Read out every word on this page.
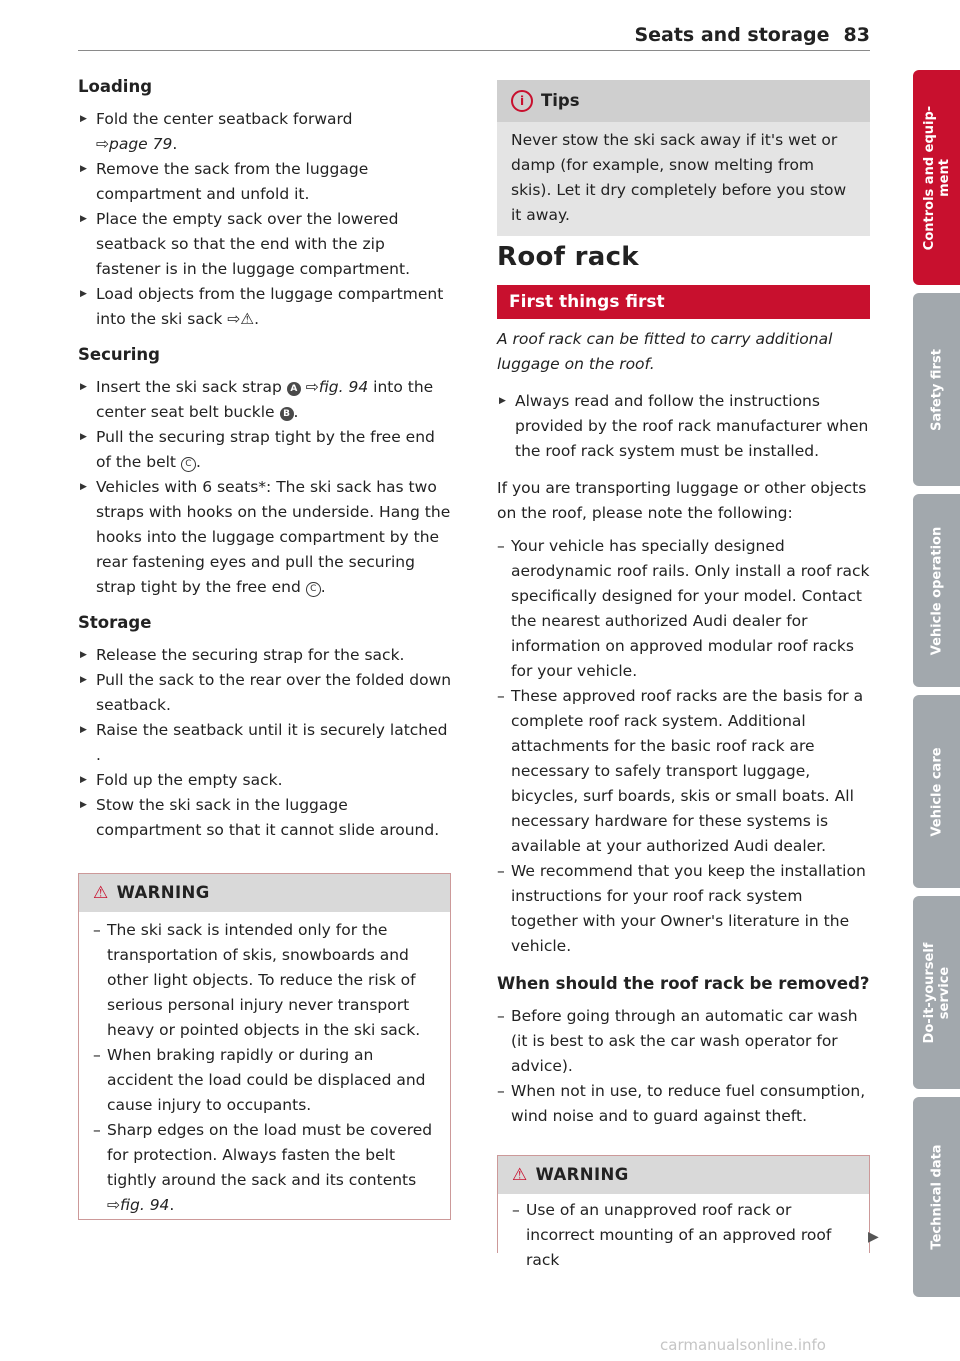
Seats and storage 83

Loading

▶ Fold the center seatback forward
⇨page 79.

▶ Remove the sack from the luggage compartment and unfold it.

▶ Place the empty sack over the lowered seatback so that the end with the zip fastener is in the luggage compartment.

▶ Load objects from the luggage compartment into the ski sack ⇨⚠.

Securing

▶ Insert the ski sack strap A ⇨fig. 94 into the center seat belt buckle B .

▶ Pull the securing strap tight by the free end of the belt C .

▶ Vehicles with 6 seats*: The ski sack has two straps with hooks on the underside. Hang the hooks into the luggage compartment by the rear fastening eyes and pull the securing strap tight by the free end C .

Storage

▶ Release the securing strap for the sack.

▶ Pull the sack to the rear over the folded down seatback.

▶ Raise the seatback until it is securely latched .

▶ Fold up the empty sack.

▶ Stow the ski sack in the luggage compartment so that it cannot slide around.

⚠ WARNING

– The ski sack is intended only for the transportation of skis, snowboards and other light objects. To reduce the risk of serious personal injury never transport heavy or pointed objects in the ski sack.

– When braking rapidly or during an accident the load could be displaced and cause injury to occupants.

– Sharp edges on the load must be covered for protection. Always fasten the belt tightly around the sack and its contents
⇨fig. 94.

i Tips

Never stow the ski sack away if it's wet or damp (for example, snow melting from skis). Let it dry completely before you stow it away.

Roof rack
First things first

A roof rack can be fitted to carry additional luggage on the roof.

▶ Always read and follow the instructions provided by the roof rack manufacturer when the roof rack system must be installed.

If you are transporting luggage or other objects on the roof, please note the following:

– Your vehicle has specially designed aerodynamic roof rails. Only install a roof rack specifically designed for your model. Contact the nearest authorized Audi dealer for information on approved modular roof racks for your vehicle.

– These approved roof racks are the basis for a complete roof rack system. Additional attachments for the basic roof rack are necessary to safely transport luggage, bicycles, surf boards, skis or small boats. All necessary hardware for these systems is available at your authorized Audi dealer.

– We recommend that you keep the installation instructions for your roof rack system together with your Owner's literature in the vehicle.

When should the roof rack be removed?

– Before going through an automatic car wash (it is best to ask the car wash operator for advice).

– When not in use, to reduce fuel consumption, wind noise and to guard against theft.

⚠ WARNING

– Use of an unapproved roof rack or incorrect mounting of an approved roof rack

▶
Controls and equip-
ment
Safety first
Vehicle operation
Vehicle care
Do-it-yourself
service
Technical data
carmanualsonline.info
